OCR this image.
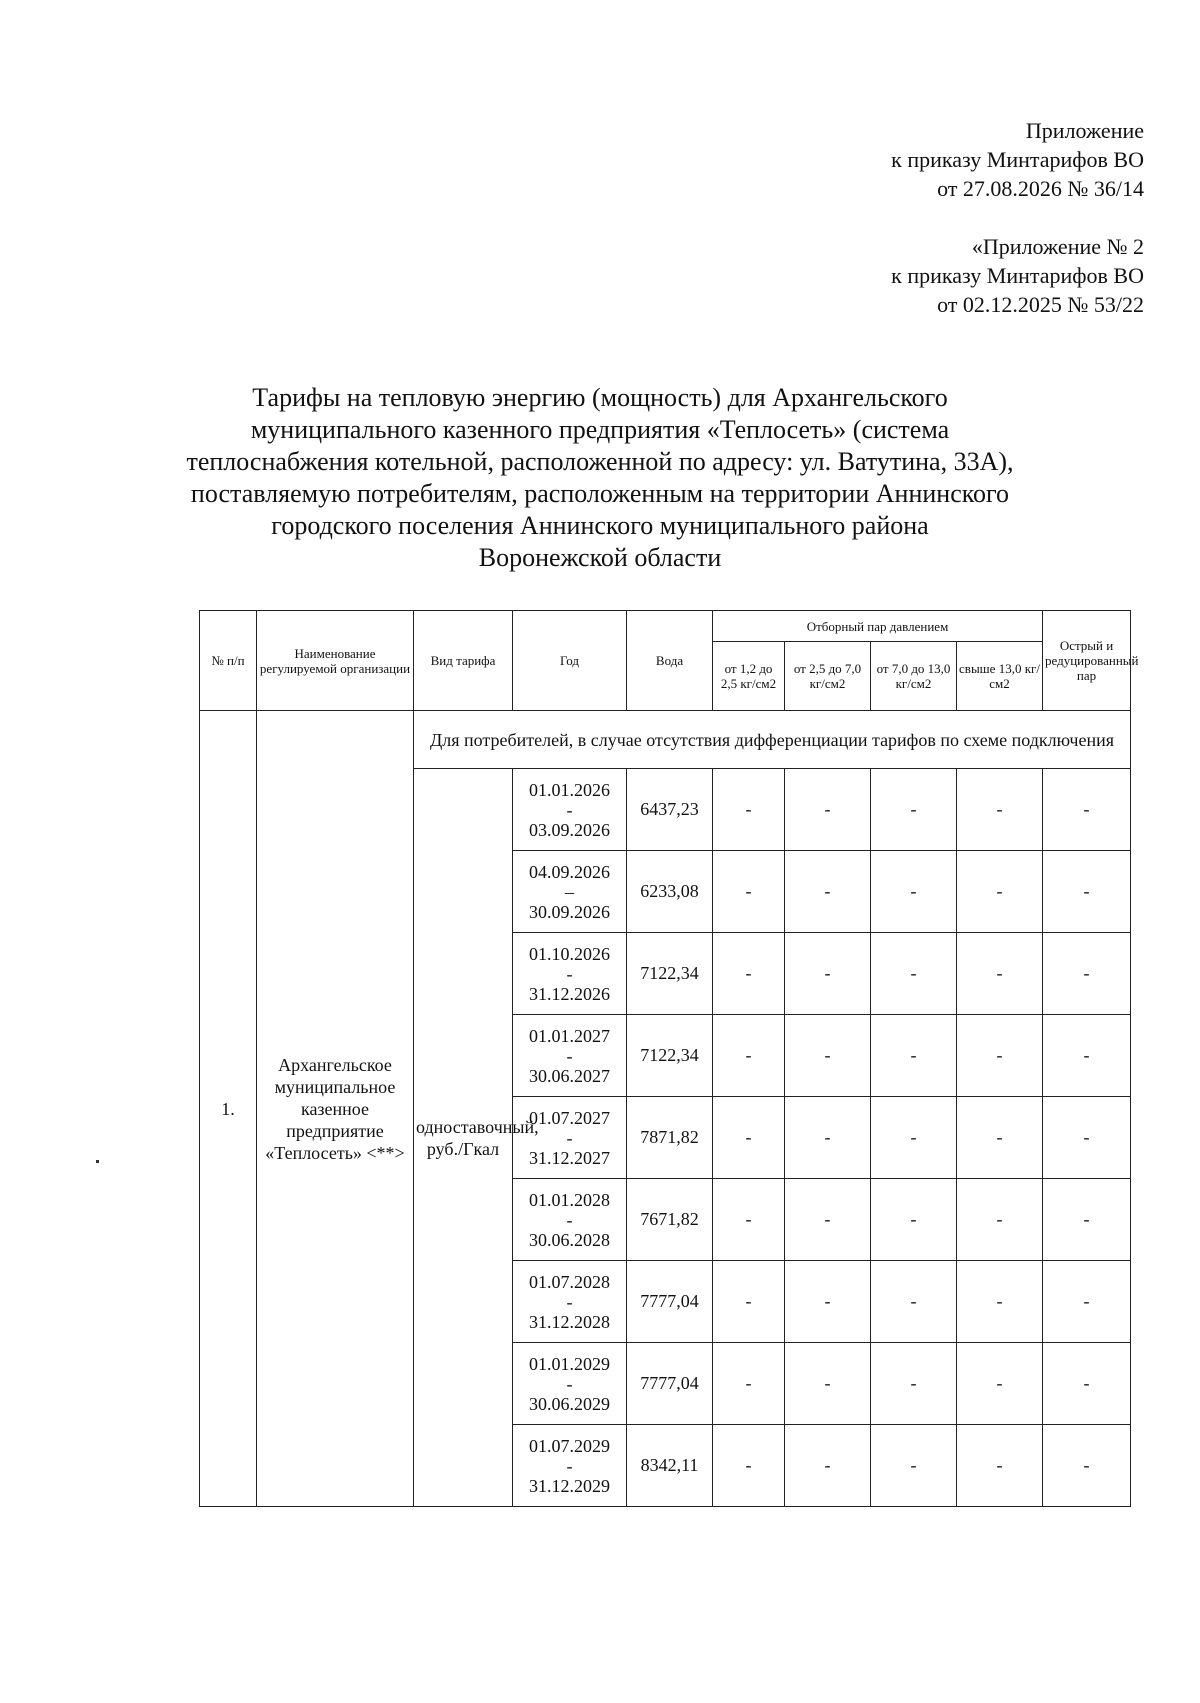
Приложение
к приказу Минтарифов ВО
от 27.08.2026 № 36/14
«Приложение № 2
к приказу Минтарифов ВО
от 02.12.2025 № 53/22
Тарифы на тепловую энергию (мощность) для Архангельского
муниципального казенного предприятия «Теплосеть» (система
теплоснабжения котельной, расположенной по адресу: ул. Ватутина, 33А),
поставляемую потребителям, расположенным на территории Аннинского
городского поселения Аннинского муниципального района
Воронежской области
№ п/п	Наименование регулируемой организации	Вид тарифа	Год	Вода	Отборный пар давлением				Острый и редуцированный пар
					от 1,2 до 2,5 кг/см2	от 2,5 до 7,0 кг/см2	от 7,0 до 13,0 кг/см2	свыше 13,0 кг/см2	
1.	Архангельское муниципальное казенное предприятие «Теплосеть» <**>	Для потребителей, в случае отсутствия дифференциации тарифов по схеме подключения							
		одноставочный, руб./Гкал	01.01.2026
-
03.09.2026	6437,23	-	-	-	-	-

			04.09.2026
–
30.09.2026	6233,08	-	-	-	-	-

			01.10.2026
-
31.12.2026	7122,34	-	-	-	-	-

			01.01.2027
-
30.06.2027	7122,34	-	-	-	-	-

			01.07.2027
-
31.12.2027	7871,82	-	-	-	-	-

			01.01.2028
-
30.06.2028	7671,82	-	-	-	-	-

			01.07.2028
-
31.12.2028	7777,04	-	-	-	-	-

			01.01.2029
-
30.06.2029	7777,04	-	-	-	-	-

			01.07.2029
-
31.12.2029	8342,11	-	-	-	-	-
